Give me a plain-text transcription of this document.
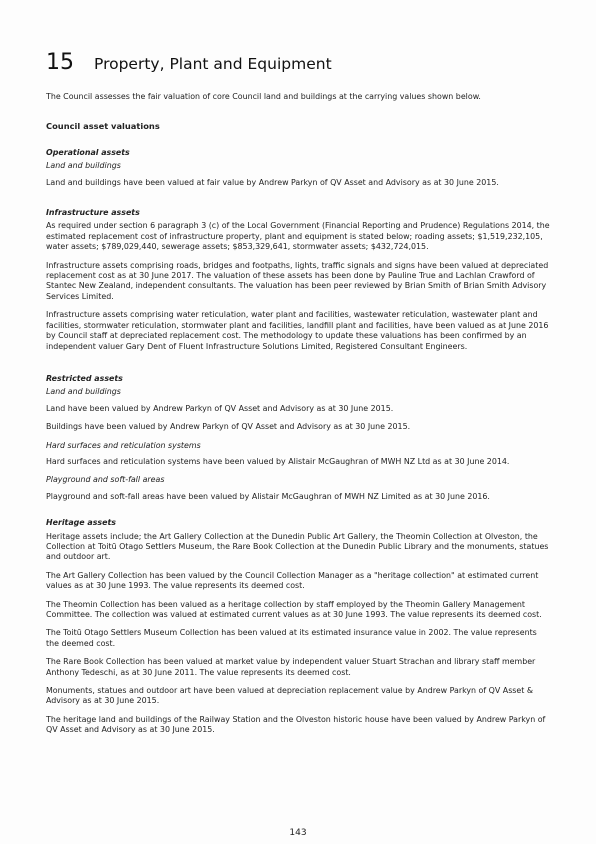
15 Property, Plant and Equipment

The Council assesses the fair valuation of core Council land and buildings at the carrying values shown below.

Council asset valuations

Operational assets

Land and buildings

Land and buildings have been valued at fair value by Andrew Parkyn of QV Asset and Advisory as at 30 June 2015.

Infrastructure assets

As required under section 6 paragraph 3 (c) of the Local Government (Financial Reporting and Prudence) Regulations 2014, the estimated replacement cost of infrastructure property, plant and equipment is stated below; roading assets; $1,519,232,105, water assets; $789,029,440, sewerage assets; $853,329,641, stormwater assets; $432,724,015.

Infrastructure assets comprising roads, bridges and footpaths, lights, traffic signals and signs have been valued at depreciated replacement cost as at 30 June 2017. The valuation of these assets has been done by Pauline True and Lachlan Crawford of Stantec New Zealand, independent consultants. The valuation has been peer reviewed by Brian Smith of Brian Smith Advisory Services Limited.

Infrastructure assets comprising water reticulation, water plant and facilities, wastewater reticulation, wastewater plant and facilities, stormwater reticulation, stormwater plant and facilities, landfill plant and facilities, have been valued as at June 2016 by Council staff at depreciated replacement cost. The methodology to update these valuations has been confirmed by an independent valuer Gary Dent of Fluent Infrastructure Solutions Limited, Registered Consultant Engineers.

Restricted assets

Land and buildings

Land have been valued by Andrew Parkyn of QV Asset and Advisory as at 30 June 2015.

Buildings have been valued by Andrew Parkyn of QV Asset and Advisory as at 30 June 2015.

Hard surfaces and reticulation systems

Hard surfaces and reticulation systems have been valued by Alistair McGaughran of MWH NZ Ltd as at 30 June 2014.

Playground and soft-fall areas

Playground and soft-fall areas have been valued by Alistair McGaughran of MWH NZ Limited as at 30 June 2016.

Heritage assets

Heritage assets include; the Art Gallery Collection at the Dunedin Public Art Gallery, the Theomin Collection at Olveston, the Collection at Toitū Otago Settlers Museum, the Rare Book Collection at the Dunedin Public Library and the monuments, statues and outdoor art.

The Art Gallery Collection has been valued by the Council Collection Manager as a "heritage collection" at estimated current values as at 30 June 1993. The value represents its deemed cost.

The Theomin Collection has been valued as a heritage collection by staff employed by the Theomin Gallery Management Committee. The collection was valued at estimated current values as at 30 June 1993. The value represents its deemed cost.

The Toitū Otago Settlers Museum Collection has been valued at its estimated insurance value in 2002. The value represents the deemed cost.

The Rare Book Collection has been valued at market value by independent valuer Stuart Strachan and library staff member Anthony Tedeschi, as at 30 June 2011. The value represents its deemed cost.

Monuments, statues and outdoor art have been valued at depreciation replacement value by Andrew Parkyn of QV Asset & Advisory as at 30 June 2015.

The heritage land and buildings of the Railway Station and the Olveston historic house have been valued by Andrew Parkyn of QV Asset and Advisory as at 30 June 2015.

143
